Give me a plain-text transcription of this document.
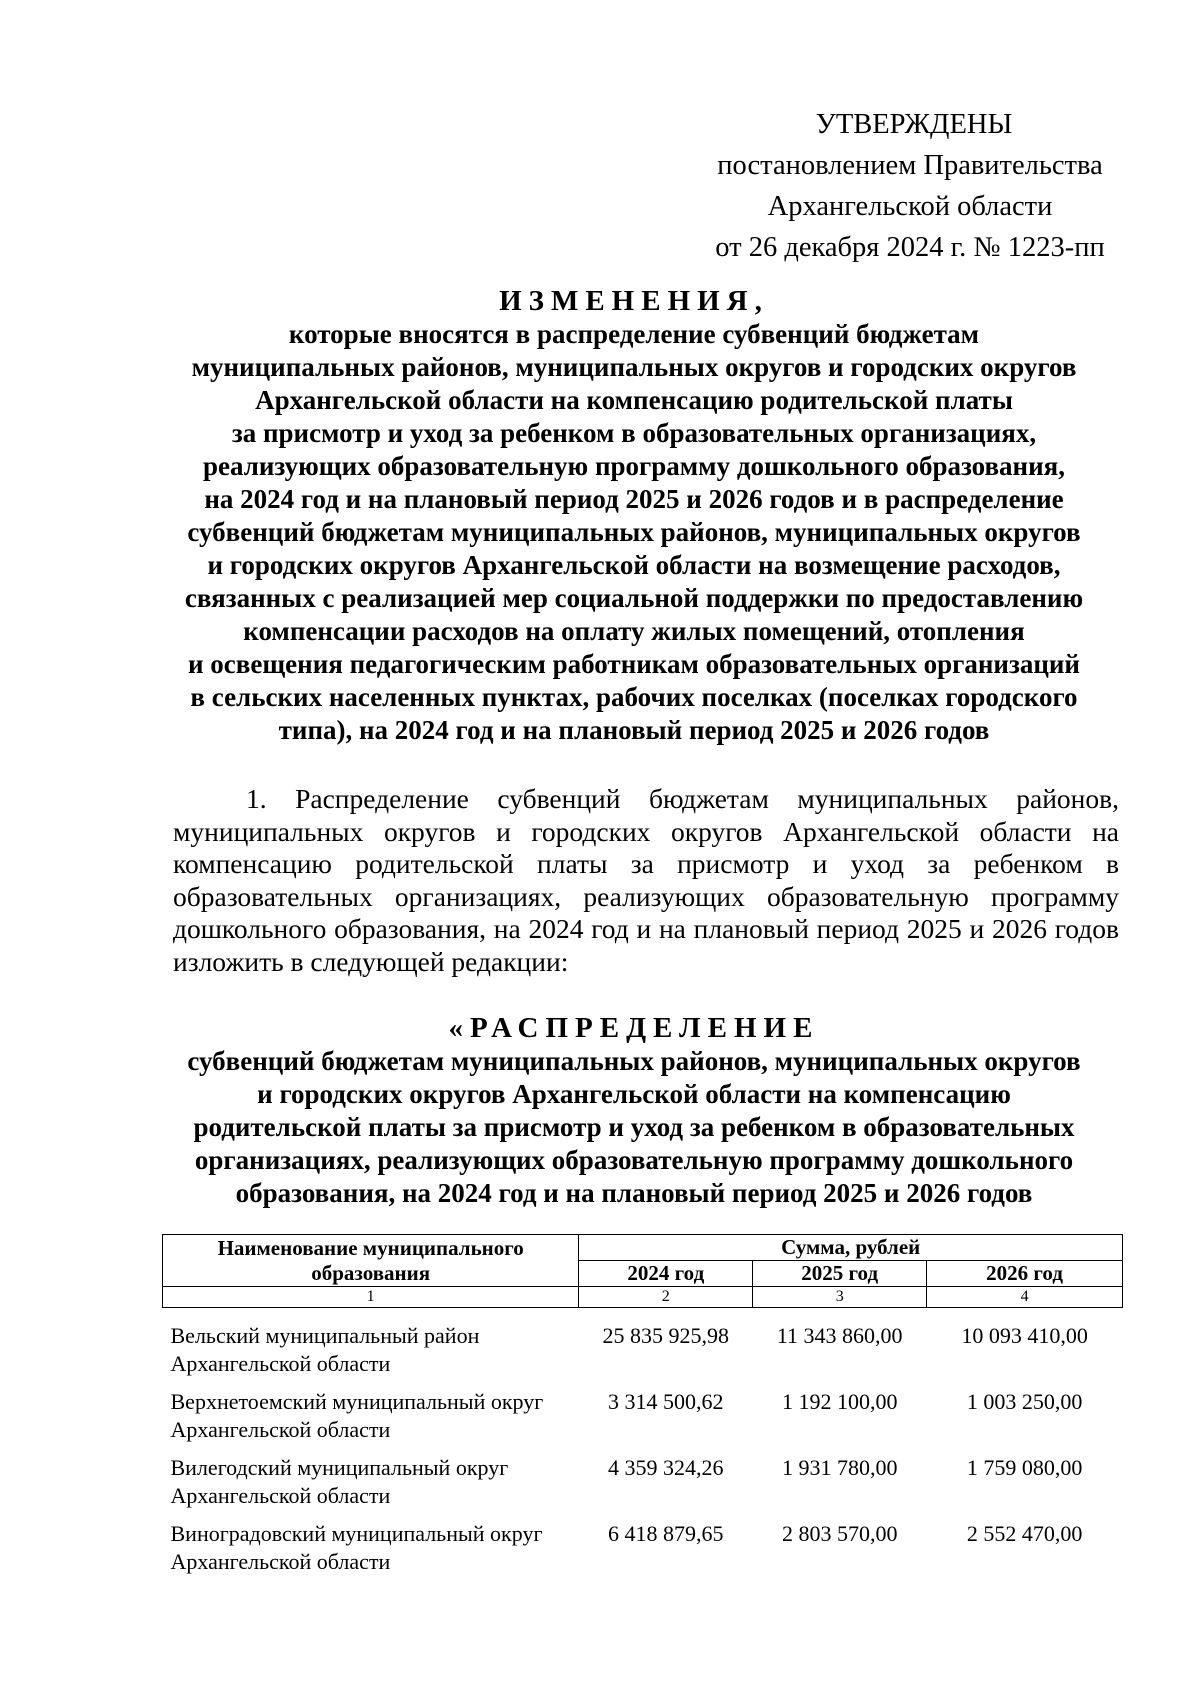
УТВЕРЖДЕНЫ
постановлением Правительства
Архангельской области
от 26 декабря 2024 г. № 1223-пп
ИЗМЕНЕНИЯ,
которые вносятся в распределение субвенций бюджетам
муниципальных районов, муниципальных округов и городских округов
Архангельской области на компенсацию родительской платы
за присмотр и уход за ребенком в образовательных организациях,
реализующих образовательную программу дошкольного образования,
на 2024 год и на плановый период 2025 и 2026 годов и в распределение
субвенций бюджетам муниципальных районов, муниципальных округов
и городских округов Архангельской области на возмещение расходов,
связанных с реализацией мер социальной поддержки по предоставлению
компенсации расходов на оплату жилых помещений, отопления
и освещения педагогическим работникам образовательных организаций
в сельских населенных пунктах, рабочих поселках (поселках городского
типа), на 2024 год и на плановый период 2025 и 2026 годов
1. Распределение субвенций бюджетам муниципальных районов, муниципальных округов и городских округов Архангельской области на компенсацию родительской платы за присмотр и уход за ребенком в образовательных организациях, реализующих образовательную программу дошкольного образования, на 2024 год и на плановый период 2025 и 2026 годов изложить в следующей редакции:
«РАСПРЕДЕЛЕНИЕ
субвенций бюджетам муниципальных районов, муниципальных округов
и городских округов Архангельской области на компенсацию
родительской платы за присмотр и уход за ребенком в образовательных
организациях, реализующих образовательную программу дошкольного
образования, на 2024 год и на плановый период 2025 и 2026 годов
Наименование муниципального образования	Сумма, рублей		
	2024 год	2025 год	2026 год
1	2	3	4

Вельский муниципальный район Архангельской области	25 835 925,98	11 343 860,00	10 093 410,00
Верхнетоемский муниципальный округ Архангельской области	3 314 500,62	1 192 100,00	1 003 250,00
Вилегодский муниципальный округ Архангельской области	4 359 324,26	1 931 780,00	1 759 080,00
Виноградовский муниципальный округ Архангельской области	6 418 879,65	2 803 570,00	2 552 470,00
